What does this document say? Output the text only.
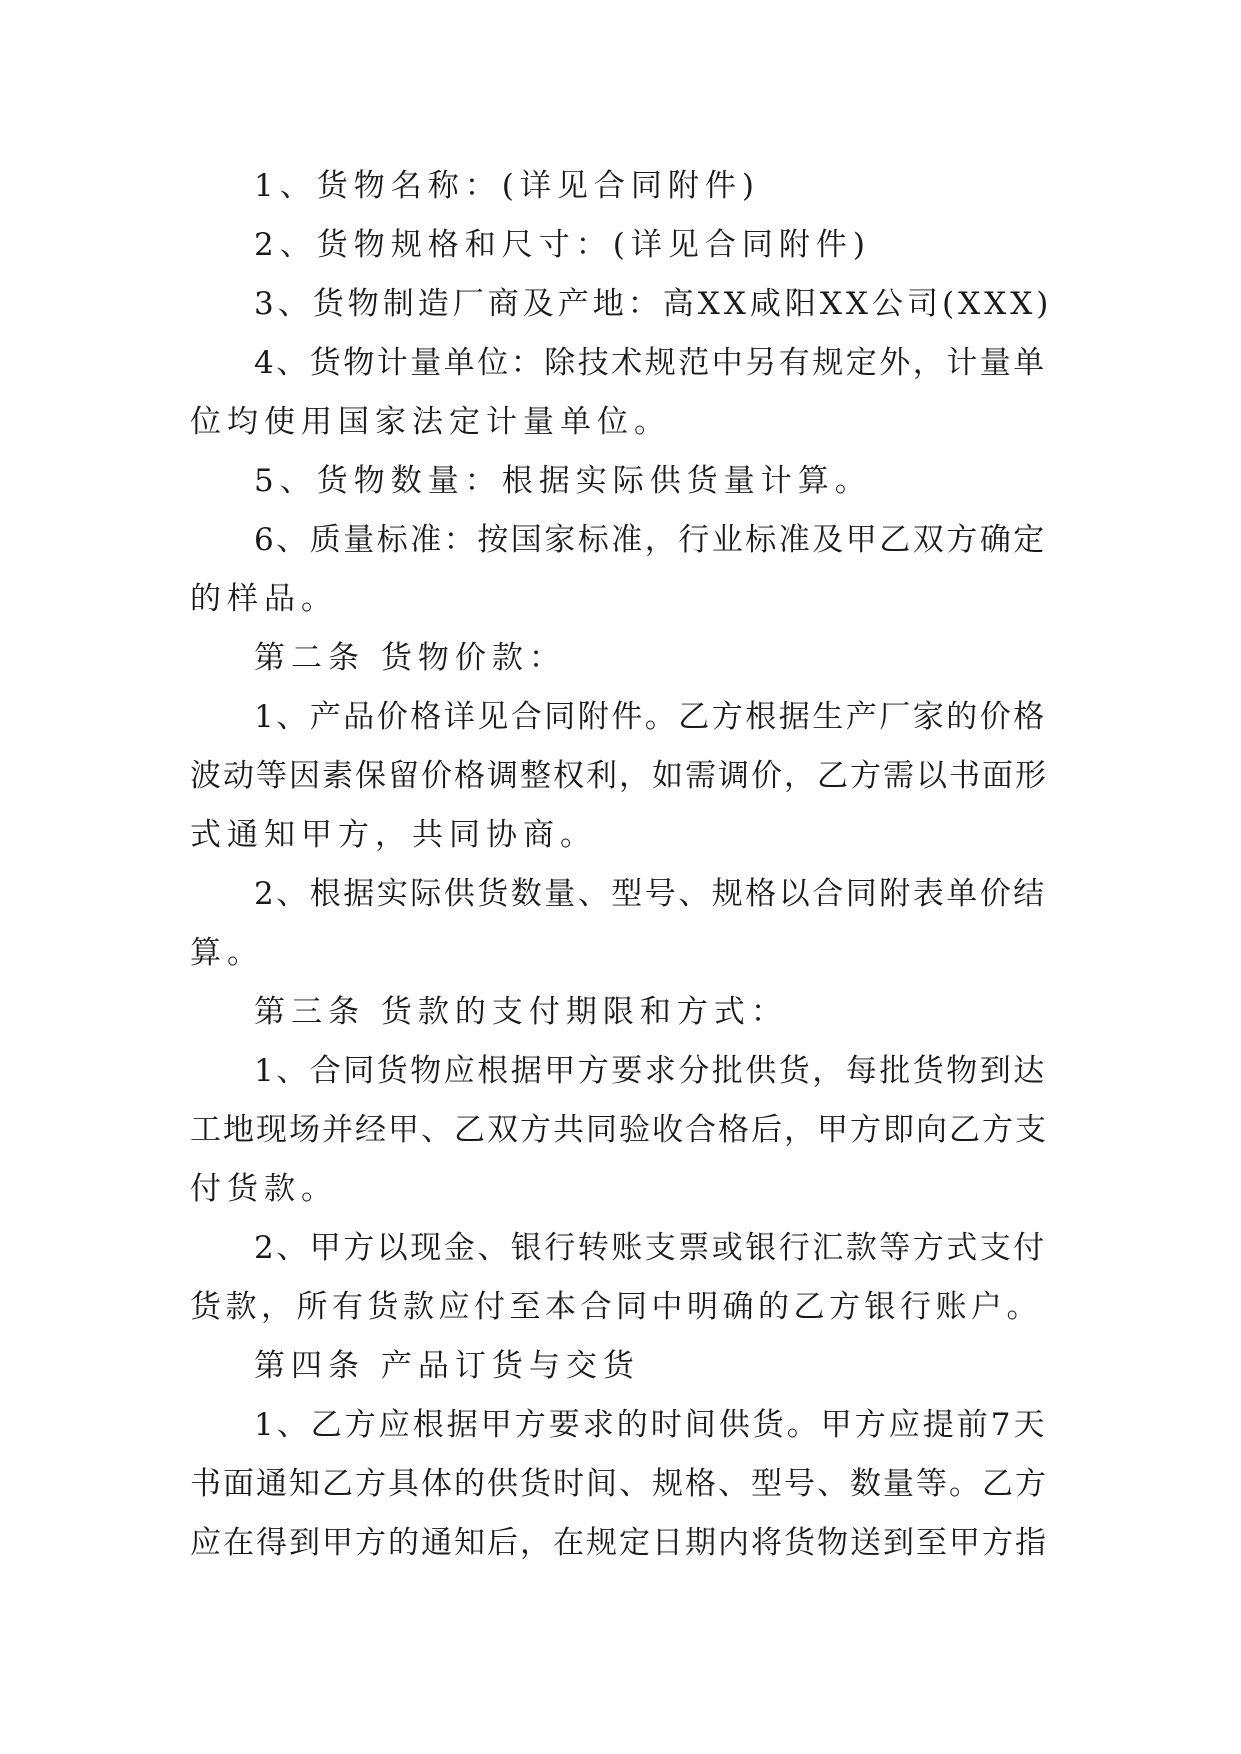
1、货物名称：(详见合同附件)
2、货物规格和尺寸：(详见合同附件)
3、货物制造厂商及产地：高XX咸阳XX公司(XXX)
4、货物计量单位：除技术规范中另有规定外，计量单
位均使用国家法定计量单位。
5、货物数量：根据实际供货量计算。
6、质量标准：按国家标准，行业标准及甲乙双方确定
的样品。
第二条 货物价款：
1、产品价格详见合同附件。乙方根据生产厂家的价格
波动等因素保留价格调整权利，如需调价，乙方需以书面形
式通知甲方，共同协商。
2、根据实际供货数量、型号、规格以合同附表单价结
算。
第三条 货款的支付期限和方式：
1、合同货物应根据甲方要求分批供货，每批货物到达
工地现场并经甲、乙双方共同验收合格后，甲方即向乙方支
付货款。
2、甲方以现金、银行转账支票或银行汇款等方式支付
货款，所有货款应付至本合同中明确的乙方银行账户。
第四条 产品订货与交货
1、乙方应根据甲方要求的时间供货。甲方应提前7天
书面通知乙方具体的供货时间、规格、型号、数量等。乙方
应在得到甲方的通知后，在规定日期内将货物送到至甲方指
